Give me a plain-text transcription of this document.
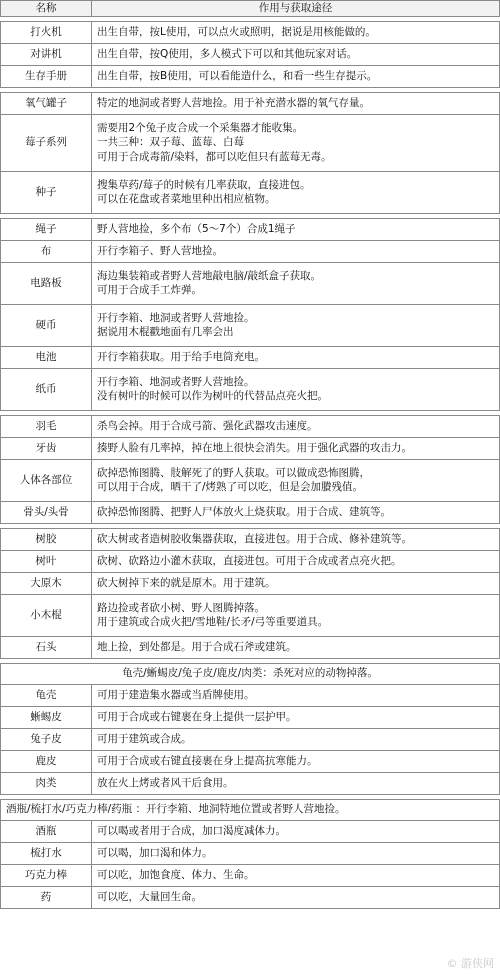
名称	作用与获取途径

打火机	出生自带，按L使用，可以点火或照明，据说是用核能做的。

对讲机	出生自带，按Q使用，多人模式下可以和其他玩家对话。

生存手册	出生自带，按B使用，可以看能造什么，和看一些生存提示。

氧气罐子	特定的地洞或者野人营地捡。用于补充潜水器的氧气存量。

莓子系列	需要用2个兔子皮合成一个采集器才能收集。
一共三种：双子莓、蓝莓、白莓
可用于合成毒箭/染料，都可以吃但只有蓝莓无毒。

种子	搜集草药/莓子的时候有几率获取，直接进包。
可以在花盘或者菜地里种出相应植物。

绳子	野人营地捡，多个布（5～7个）合成1绳子

布	开行李箱子、野人营地捡。

电路板	海边集装箱或者野人营地敲电脑/敲纸盒子获取。
可用于合成手工炸弹。

硬币	开行李箱、地洞或者野人营地捡。
据说用木棍戳地面有几率会出

电池	开行李箱获取。用于给手电筒充电。

纸币	开行李箱、地洞或者野人营地捡。
没有树叶的时候可以作为树叶的代替品点亮火把。

羽毛	杀鸟会掉。用于合成弓箭、强化武器攻击速度。

牙齿	揍野人脸有几率掉，掉在地上很快会消失。用于强化武器的攻击力。

人体各部位	砍掉恐怖图腾、肢解死了的野人获取。可以做成恐怖图腾，
可以用于合成，晒干了/烤熟了可以吃，但是会加賸残值。

骨头/头骨	砍掉恐怖图腾、把野人尸体放火上烧获取。用于合成、建筑等。

树胶	砍大树或者造树胶收集器获取，直接进包。用于合成、修补建筑等。

树叶	砍树、砍路边小灌木获取，直接进包。可用于合成或者点亮火把。

大原木	砍大树掉下来的就是原木。用于建筑。

小木棍	路边捡或者砍小树、野人图腾掉落。
用于建筑或合成火把/雪地鞋/长矛/弓等重要道具。

石头	地上捡，到处都是。用于合成石斧或建筑。

龟壳/蜥蜴皮/兔子皮/鹿皮/肉类：杀死对应的动物掉落。	
龟壳	可用于建造集水器或当盾牌使用。

蜥蜴皮	可用于合成或右键裹在身上提供一层护甲。

兔子皮	可用于建筑或合成。

鹿皮	可用于合成或右键直接裹在身上提高抗寒能力。

肉类	放在火上烤或者风干后食用。

酒瓶/梳打水/巧克力棒/药瓶 ：开行李箱、地洞特地位置或者野人营地捡。	
酒瓶	可以喝或者用于合成，加口渴度减体力。

梳打水	可以喝，加口渴和体力。

巧克力棒	可以吃，加饱食度、体力、生命。

药	可以吃，大量回生命。
© 游侠网
